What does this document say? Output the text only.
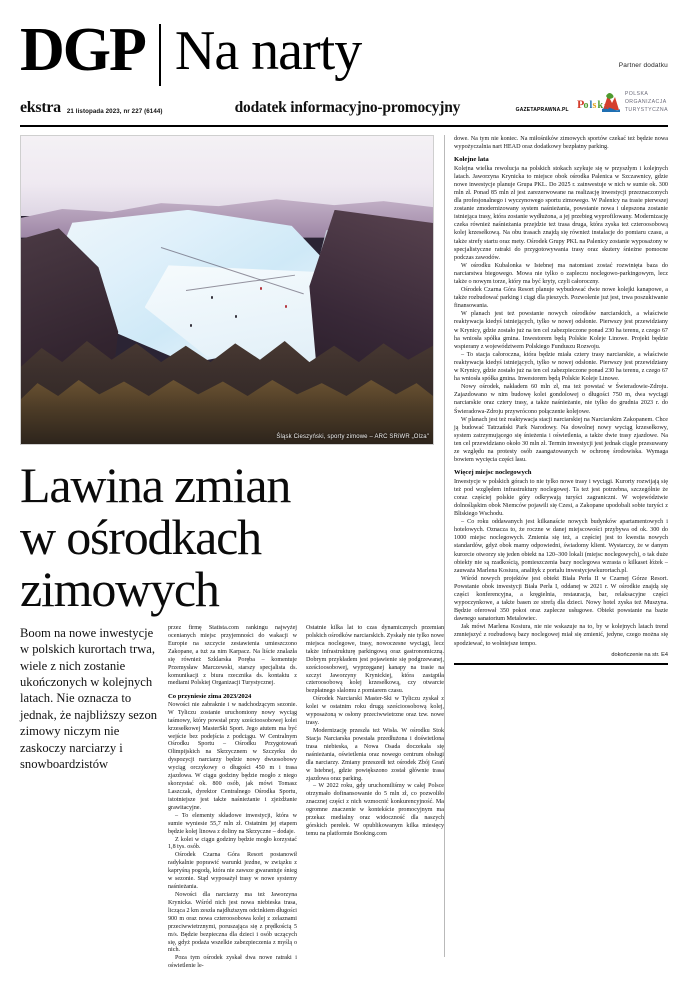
DGP Na narty	Partner dodatku
ekstra 21 listopada 2023, nr 227 (6144)	dodatek informacyjno-promocyjny	GAZETAPRAWNA.PL P o l s k a
POLSKA
ORGANIZACJA
TURYSTYCZNA
Śląsk Cieszyński, sporty zimowe – ARC SRiWR „Olza"
Lawina zmian
w ośrodkach
zimowych
Boom na nowe inwestycje w polskich kurortach trwa, wiele z nich zostanie ukończonych w kolejnych latach. Nie oznacza to jednak, że najbliższy sezon zimowy niczym nie zaskoczy narciarzy i snowboardzistów

przez firmę Statista.com rankingu najwyżej ocenianych miejsc przyjemności do wakacji w Europie na szczycie zestawienia umieszczono Zakopane, a tuż za nim Karpacz. Na liście znalazła się również Szklarska Poręba – komentuje Przemysław Marczewski, starszy specjalista ds. komunikacji z biura rzecznika ds. kontaktu z mediami Polskiej Organizacji Turystycznej.

Co przyniesie zima 2023/2024

Nowości nie zabraknie i w nadchodzącym sezonie. W Tyliczu zostanie uruchomiony nowy wyciąg taśmowy, który powstał przy sześcioosobowej kolei krzesełkowej MasterSki Sport. Jego atutem ma być wejście bez podejścia z podciągu. W Centralnym Ośrodku Sportu – Ośrodku Przygotowań Olimpijskich na Skrzycznem w Szczyrku do dyspozycji narciarzy będzie nowy dwuosobowy wyciąg orczykowy o długości 450 m i trasa zjazdowa. W ciągu godziny będzie mogło z niego skorzystać ok. 800 osób, jak mówi Tomasz Laszczak, dyrektor Centralnego Ośrodka Sportu, istotniejsze jest także naśnieżanie i zjeżdżanie grawitacyjne.

– To elementy składowe inwestycji, która w sumie wyniesie 55,7 mln zł. Ostatnim jej etapem będzie kolej linowa z doliny na Skrzyczne – dodaje.

Z kolei w ciągu godziny będzie mogło korzystać 1,8 tys. osób.

Ośrodek Czarna Góra Resort postanowił radykalnie poprawić warunki jezdne, w związku z kapryśną pogodą, która nie zawsze gwarantuje śnieg w sezonie. Stąd wyposażył trasy w nowe systemy naśnieżania.

Nowości dla narciarzy ma też Jaworzyna Krynicka. Wśród nich jest nowa niebieska trasa, licząca 2 km zeszła najdłuższym odcinkiem długości 900 m oraz nowa czteroosobowa kolej z zelaznami przeciwwietrznymi, poruszająca się z prędkością 5 m/s. Będzie bezpieczna dla dzieci i osób uczących się, gdyż podaża wszelkie zabezpieczenia z myślą o nich.

Poza tym ośrodek zyskał dwa nowe ratraki i oświetlenie le-

Ostatnie kilka lat to czas dynamicznych przemian polskich ośrodków narciarskich. Zyskały nie tylko nowe miejsca noclegowe, trasy, nowoczesne wyciągi, lecz także infrastrukturę parkingową oraz gastronomiczną. Dobrym przykładem jest pojawienie się podgrzewanej, sześcioosobowej, wyprzęganej kanapy na trasie na szczyt Jaworzyny Krynickiej, która zastąpiła czteroosobową kolej krzesełkową, czy otwarcie bezpłatnego slalomu z pomiarem czasu.

Ośrodek Narciarski Master-Ski w Tyliczu zyskał z kolei w ostatnim roku drugą sześcioosobową kolej, wyposażoną w osłony przeciwwietrzne oraz tzw. nowe trasy.

Modernizację przeszła też Wisła. W ośrodku Stok Stacja Narciarska powstała przedłużona i doświetlona trasa niebieska, a Nowa Osada doczekała się naśnieżania, oświetlenia oraz nowego centrum obsługi dla narciarzy. Zmiany przeszedł też ośrodek Zbój Grań w Istebnej, gdzie powiększono został głównie trasa zjazdowa oraz parking.

– W 2022 roku, gdy uruchomiliśmy w całej Polsce otrzymało dofinansowanie do 5 mln zł, co pozwoliło znacznej części z nich wzmocnić konkurencyjność. Ma ogromne znaczenie w kontekście promocyjnym ma przekaz medialny oraz widoczność dla naszych górskich perełek. W opublikowanym kilka miesięcy temu na platformie Booking.com

dowe. Na tym nie koniec. Na miłośników zimowych sportów czekać też będzie nowa wypożyczalnia nart HEAD oraz dodatkowy bezpłatny parking.

Kolejne lata

Kolejna wielka rewolucja na polskich stokach szykuje się w przyszłym i kolejnych latach. Jaworzyna Krynicka to miejsce obok ośrodka Palenica w Szczawnicy, gdzie nowe inwestycje planuje Grupa PKL. Do 2025 r. zainwestuje w nich w sumie ok. 300 mln zł. Ponad 85 mln zł jest zarezerwowane na realizację inwestycji przeznaczonych dla profesjonalnego i wyczynowego sportu zimowego. W Palenicy na trasie pierwszej zostanie zmodernizowany system naśnieżania, powstanie nowa i ulepszona zostanie istniejąca trasy, która zostanie wydłużona, a jej przebieg wyprofilowany. Modernizację czeka również naśnieżania przejdzie też trasa druga, która zyska też czteroosobową kolej krzesełkową. Na obu trasach znajdą się również instalacje do pomiaru czasu, a także strefy startu oraz mety. Ośrodek Grupy PKL na Palenicy zostanie wyposażony w specjalistyczne ratraki do przygotowywania trasy oraz skutery śnieżne pomocne podczas zawodów.

W ośrodku Kubalonka w Istebnej ma natomiast zostać rozwinięta baza do narciarstwa biegowego. Mowa nie tylko o zapleczu noclegowo-parkingowym, lecz także o nowym torze, który ma być kryty, czyli całoroczny.

Ośrodek Czarna Góra Resort planuje wybudować dwie nowe kolejki kanapowe, a także rozbudować parking i ciągi dla pieszych. Pozwolenie już jest, trwa poszukiwanie finansowania.

W planach jest też powstanie nowych ośrodków narciarskich, a właściwie reaktywacja kiedyś istniejących, tylko w nowej odsłonie. Pierwszy jest przewidziany w Krynicy, gdzie zostało już na ten cel zabezpieczone ponad 230 ha terenu, z czego 67 ha wniosła spółka gmina. Inwestorem będą Polskie Koleje Linowe. Projekt będzie wspierany z województwem Polskiego Funduszu Rozwoju.

– To stacja całoroczna, która będzie miała cztery trasy narciarskie, a właściwie reaktywacja kiedyś istniejących, tylko w nowej odsłonie. Pierwszy jest przewidziany w Krynicy, gdzie zostało już na ten cel zabezpieczone ponad 230 ha terenu, z czego 67 ha wniosła spółka gmina. Inwestorem będą Polskie Koleje Linowe.

Nowy ośrodek, nakładem 60 mln zł, ma też powstać w Świeradowie-Zdroju. Zajazdowano w nim budowę kolei gondolowej o długości 750 m, dwa wyciągi narciarskie oraz cztery trasy, a także naśnieżanie, nie tylko do grudnia 2023 r. do Świeradowa-Zdroju przywrócono połączenie kolejowe.

W planach jest też reaktywacja stacji narciarskiej na Narciarskim Zakopanem. Chce ją budować Tatrzański Park Narodowy. Na dowolnej nowy wyciąg krzesełkowy, system zatrzymującego się śnieżenia i oświetlenia, a także dwie trasy zjazdowe. Na ten cel przewidziano około 30 mln zł. Termin inwestycji jest jednak ciągle przesuwany ze względu na protesty osób zaangażowanych w ochronę środowiska. Wymaga bowiem wycięcia części lasu.

Więcej miejsc noclegowych

Inwestycje w polskich górach to nie tylko nowe trasy i wyciągi. Kurorty rozwijają się też pod względem infrastruktury noclegowej. Ta też jest potrzebna, szczególnie że coraz częściej polskie góry odkrywają turyści zagraniczni. W województwie dolnośląskim obok Niemców pojawili się Czesi, a Zakopane upodobali sobie turyści z Bliskiego Wschodu.

– Co roku oddawanych jest kilkanaście nowych budynków apartamentowych i hotelowych. Oznacza to, że roczne w danej miejscowości przybywa od ok. 300 do 1000 miejsc noclegowych. Zmienia się też, a częściej jest to kwestia nowych standardów, gdyż obok mamy odpowiedni, świadomy klient. Wystarczy, że w danym kurorcie otworzy się jeden obiekt na 120–300 lokali (miejsc noclegowych), o tak duże obiekty nie są rzadkością, pomieszczenia bazy noclegowa wzrasta o kilkaset łóżek – zauważa Marlena Kosiura, analityk z portalu inwestycjewkurortach.pl.

Wśród nowych projektów jest obiekt Biała Perła II w Czarnej Górze Resort. Powstanie obok inwestycji Biała Perła I, oddanej w 2021 r. W ośrodkie znajdą się części konferencyjna, a kręgielnia, restauracja, bar, relaksacyjne części wypoczynkowe, a także basen ze strefą dla dzieci. Nowy hotel zyska też Muszyna. Będzie oferował 350 pokoi oraz zaplecze usługowe. Obiekt powstanie na bazie dawnego sanatorium Metalowiec.

Jak mówi Marlena Kosiura, nie nie wskazuje na to, by w kolejnych latach trend zmniejszyć z rozbudową bazy noclegowej miał się zmienić, jedyne, czego można się spodziewać, to wolniejsze tempo.

dokończenie na str. E4
